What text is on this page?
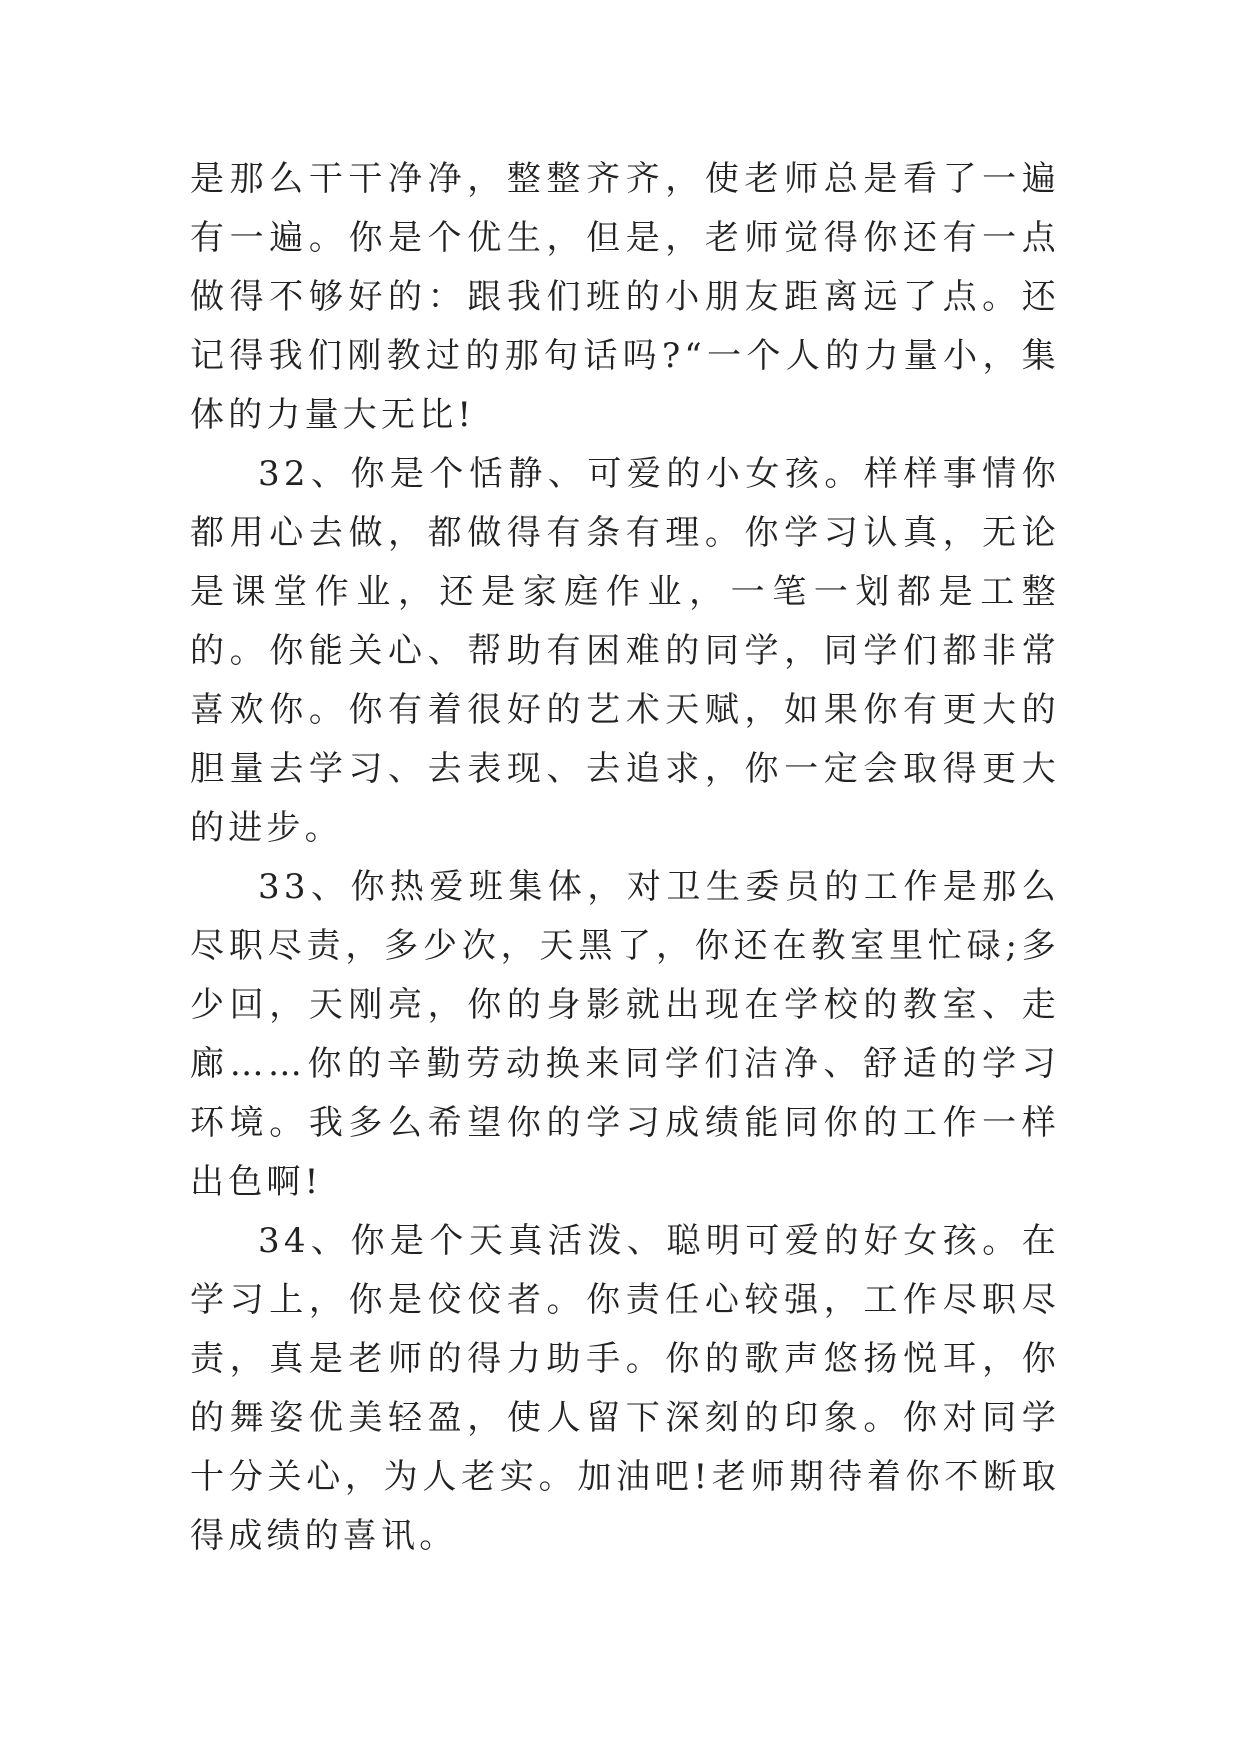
是那么干干净净，整整齐齐，使老师总是看了一遍有一遍。你是个优生，但是，老师觉得你还有一点做得不够好的：跟我们班的小朋友距离远了点。还记得我们刚教过的那句话吗?“一个人的力量小，集体的力量大无比!

32、你是个恬静、可爱的小女孩。样样事情你都用心去做，都做得有条有理。你学习认真，无论是课堂作业，还是家庭作业，一笔一划都是工整的。你能关心、帮助有困难的同学，同学们都非常喜欢你。你有着很好的艺术天赋，如果你有更大的胆量去学习、去表现、去追求，你一定会取得更大的进步。

33、你热爱班集体，对卫生委员的工作是那么尽职尽责，多少次，天黑了，你还在教室里忙碌;多少回，天刚亮，你的身影就出现在学校的教室、走廊……你的辛勤劳动换来同学们洁净、舒适的学习环境。我多么希望你的学习成绩能同你的工作一样出色啊!

34、你是个天真活泼、聪明可爱的好女孩。在学习上，你是佼佼者。你责任心较强，工作尽职尽责，真是老师的得力助手。你的歌声悠扬悦耳，你的舞姿优美轻盈，使人留下深刻的印象。你对同学十分关心，为人老实。加油吧!老师期待着你不断取得成绩的喜讯。
